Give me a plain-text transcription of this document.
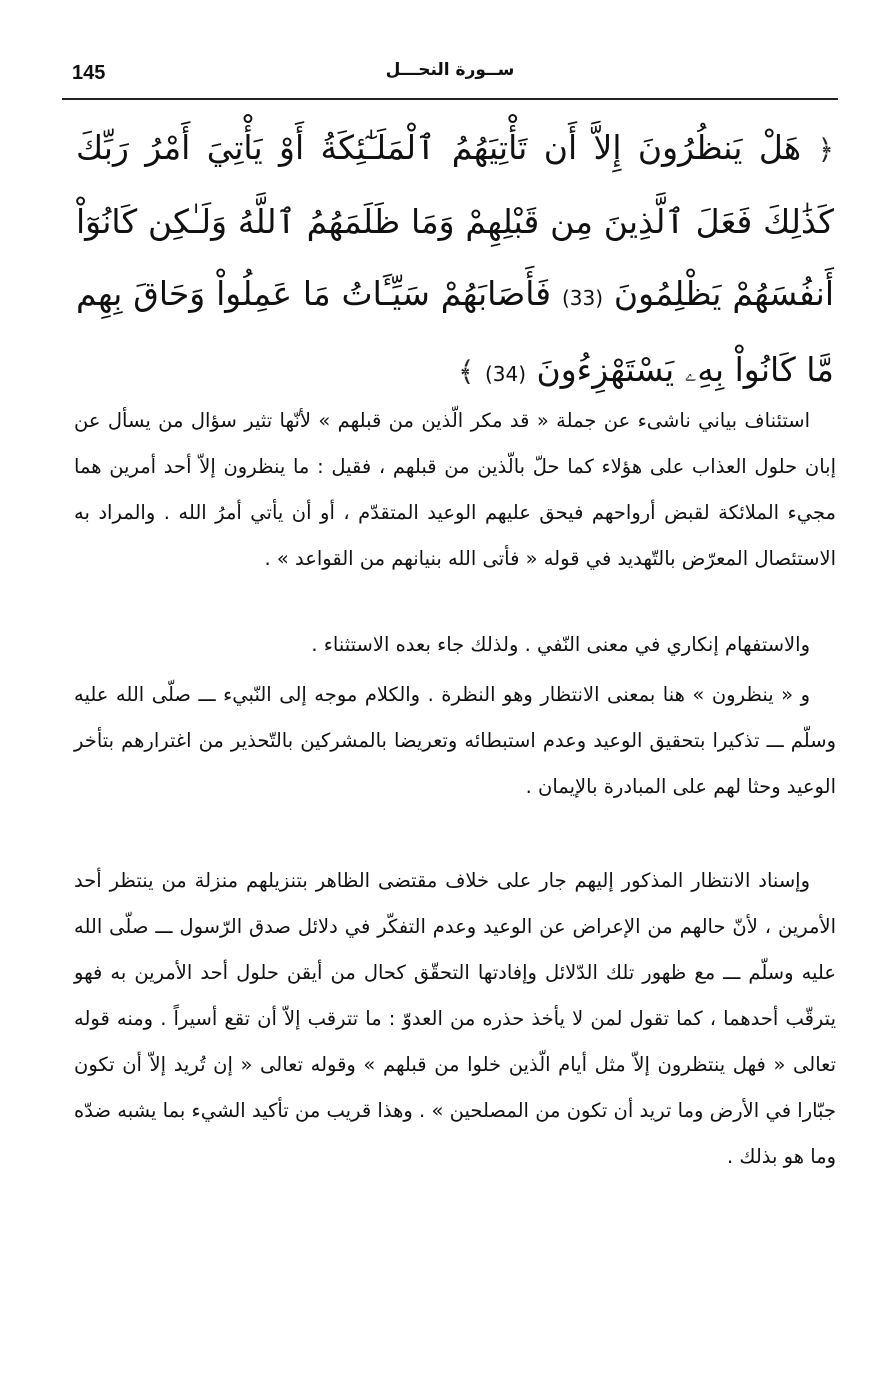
145	ســورة النحـــل
﴿ هَلْ يَنظُرُونَ إِلاَّ أَن تَأْتِيَهُمُ ٱلْمَلَـٰٓئِكَةُ أَوْ يَأْتِيَ أَمْرُ رَبِّكَ كَذَٰلِكَ فَعَلَ ٱلَّذِينَ مِن قَبْلِهِمْ وَمَا ظَلَمَهُمُ ٱللَّهُ وَلَـٰكِن كَانُوٓاْ أَنفُسَهُمْ يَظْلِمُونَ (33) فَأَصَابَهُمْ سَيِّـَٔاتُ مَا عَمِلُواْ وَحَاقَ بِهِم مَّا كَانُواْ بِهِۦ يَسْتَهْزِءُونَ (34) ﴾

استئناف بياني ناشىء عن جملة « قد مكر الّذين من قبلهم » لأنّها تثير سؤال من يسأل عن إبان حلول العذاب على هؤلاء كما حلّ بالّذين من قبلهم ، فقيل : ما ينظرون إلاّ أحد أمرين هما مجيء الملائكة لقبض أرواحهم فيحق عليهم الوعيد المتقدّم ، أو أن يأتي أمرُ الله . والمراد به الاستئصال المعرّض بالتّهديد في قوله « فأتى الله بنيانهم من القواعد » .

والاستفهام إنكاري في معنى النّفي . ولذلك جاء بعده الاستثناء .

و « ينظرون » هنا بمعنى الانتظار وهو النظرة . والكلام موجه إلى النّبيء ـــ صلّى الله عليه وسلّم ـــ تذكيرا بتحقيق الوعيد وعدم استبطائه وتعريضا بالمشركين بالتّحذير من اغترارهم بتأخر الوعيد وحثا لهم على المبادرة بالإيمان .

وإسناد الانتظار المذكور إليهم جار على خلاف مقتضى الظاهر بتنزيلهم منزلة من ينتظر أحد الأمرين ، لأنّ حالهم من الإعراض عن الوعيد وعدم التفكّر في دلائل صدق الرّسول ـــ صلّى الله عليه وسلّم ـــ مع ظهور تلك الدّلائل وإفادتها التحقّق كحال من أيقن حلول أحد الأمرين به فهو يترقّب أحدهما ، كما تقول لمن لا يأخذ حذره من العدوّ : ما تترقب إلاّ أن تقع أسيراً . ومنه قوله تعالى « فهل ينتظرون إلاّ مثل أيام الّذين خلوا من قبلهم » وقوله تعالى « إن تُريد إلاّ أن تكون جبّارا في الأرض وما تريد أن تكون من المصلحين » . وهذا قريب من تأكيد الشيء بما يشبه ضدّه وما هو بذلك .
